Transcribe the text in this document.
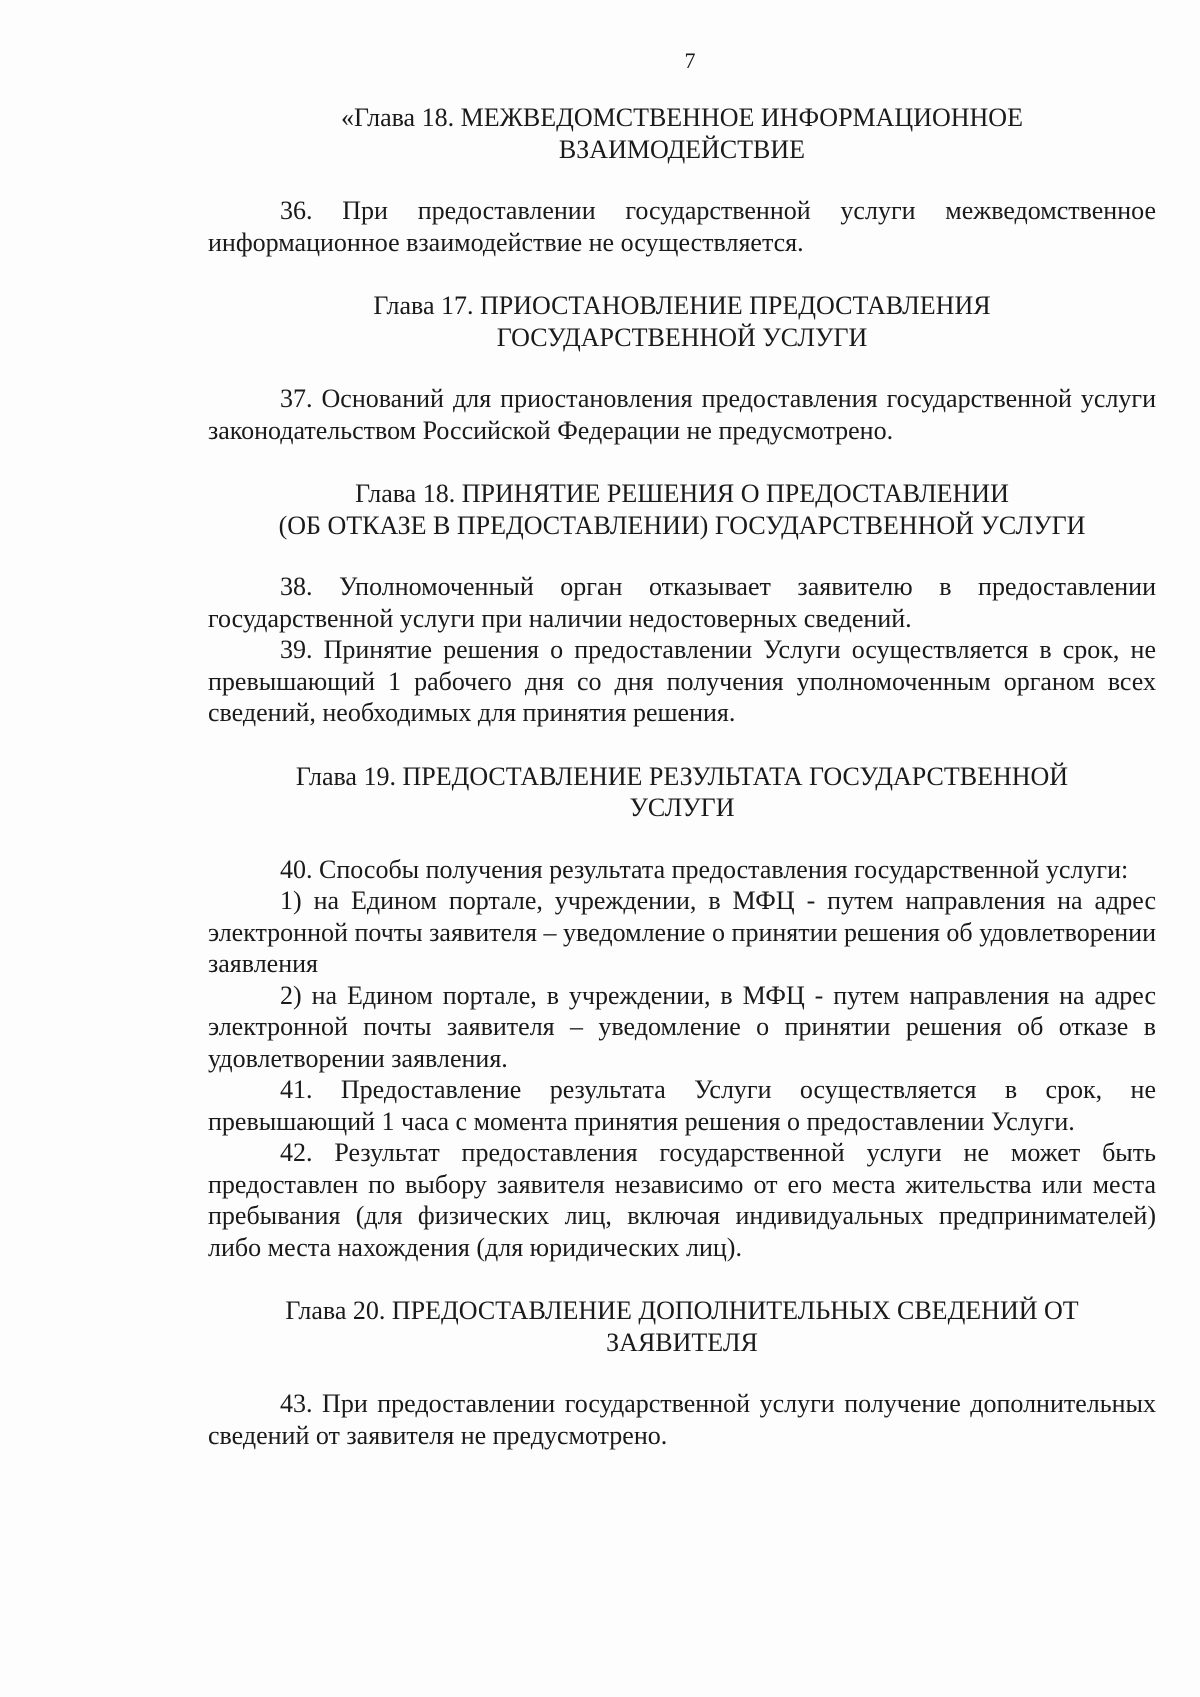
7
«Глава 18. МЕЖВЕДОМСТВЕННОЕ ИНФОРМАЦИОННОЕ
ВЗАИМОДЕЙСТВИЕ

36. При предоставлении государственной услуги межведомственное информационное взаимодействие не осуществляется.

Глава 17. ПРИОСТАНОВЛЕНИЕ ПРЕДОСТАВЛЕНИЯ
ГОСУДАРСТВЕННОЙ УСЛУГИ

37. Оснований для приостановления предоставления государственной услуги законодательством Российской Федерации не предусмотрено.

Глава 18. ПРИНЯТИЕ РЕШЕНИЯ О ПРЕДОСТАВЛЕНИИ
(ОБ ОТКАЗЕ В ПРЕДОСТАВЛЕНИИ) ГОСУДАРСТВЕННОЙ УСЛУГИ

38. Уполномоченный орган отказывает заявителю в предоставлении государственной услуги при наличии недостоверных сведений.

39. Принятие решения о предоставлении Услуги осуществляется в срок, не превышающий 1 рабочего дня со дня получения уполномоченным органом всех сведений, необходимых для принятия решения.

Глава 19. ПРЕДОСТАВЛЕНИЕ РЕЗУЛЬТАТА ГОСУДАРСТВЕННОЙ
УСЛУГИ

40. Способы получения результата предоставления государственной услуги:

1) на Едином портале, учреждении, в МФЦ - путем направления на адрес электронной почты заявителя – уведомление о принятии решения об удовлетворении заявления

2) на Едином портале, в учреждении, в МФЦ - путем направления на адрес электронной почты заявителя – уведомление о принятии решения об отказе в удовлетворении заявления.

41. Предоставление результата Услуги осуществляется в срок, не превышающий 1 часа с момента принятия решения о предоставлении Услуги.

42. Результат предоставления государственной услуги не может быть предоставлен по выбору заявителя независимо от его места жительства или места пребывания (для физических лиц, включая индивидуальных предпринимателей) либо места нахождения (для юридических лиц).

Глава 20. ПРЕДОСТАВЛЕНИЕ ДОПОЛНИТЕЛЬНЫХ СВЕДЕНИЙ ОТ
ЗАЯВИТЕЛЯ

43. При предоставлении государственной услуги получение дополнительных сведений от заявителя не предусмотрено.
